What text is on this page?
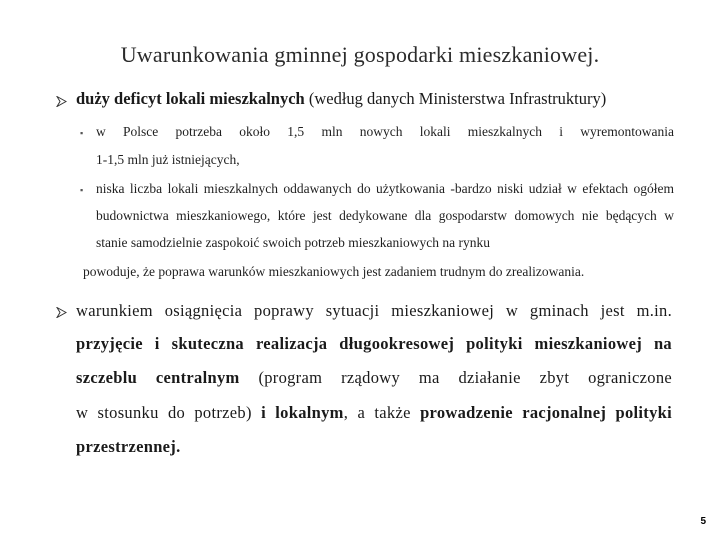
Uwarunkowania gminnej gospodarki mieszkaniowej.
duży deficyt lokali mieszkalnych (według danych Ministerstwa Infrastruktury)
▪ w Polsce potrzeba około 1,5 mln nowych lokali mieszkalnych i wyremontowania
1-1,5 mln już istniejących,
▪ niska liczba lokali mieszkalnych oddawanych do użytkowania -bardzo niski udział w efektach ogółem
budownictwa mieszkaniowego, które jest dedykowane dla gospodarstw domowych nie będących w
stanie samodzielnie zaspokoić swoich potrzeb mieszkaniowych na rynku
powoduje, że poprawa warunków mieszkaniowych jest zadaniem trudnym do zrealizowania.
warunkiem osiągnięcia poprawy sytuacji mieszkaniowej w gminach jest m.in.
przyjęcie i skuteczna realizacja długookresowej polityki mieszkaniowej na
szczeblu centralnym (program rządowy ma działanie zbyt ograniczone
w stosunku do potrzeb) i lokalnym, a także prowadzenie racjonalnej polityki
przestrzennej.
5
